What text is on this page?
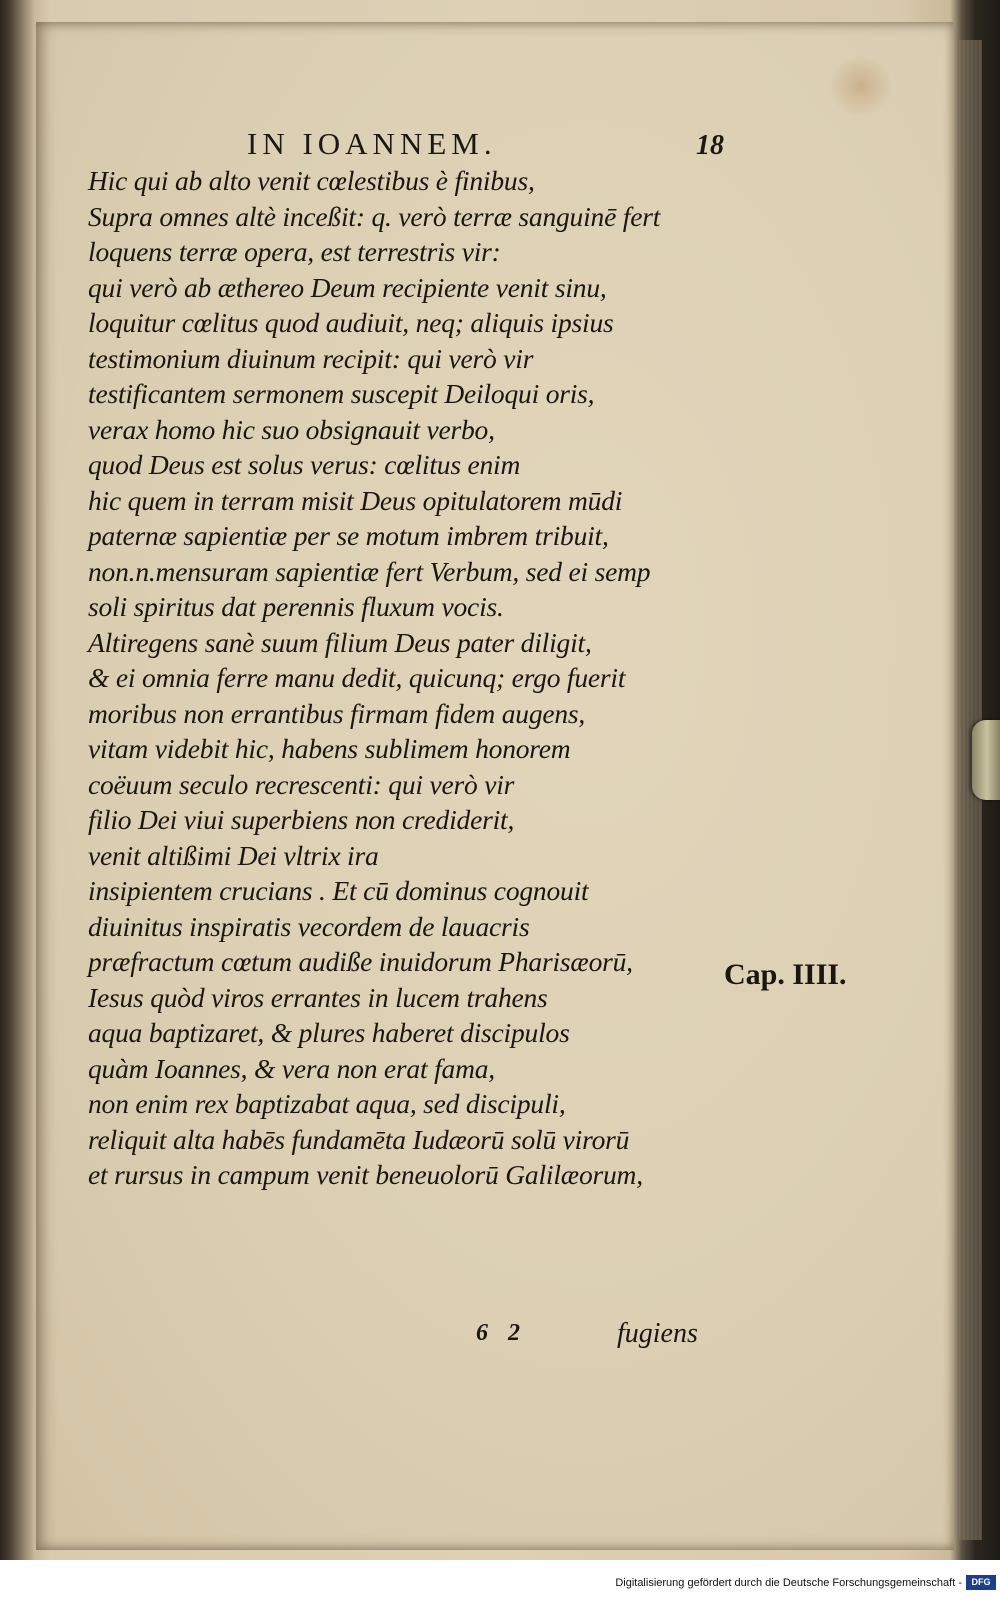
IN IOANNEM.	18
Hic qui ab alto venit cœlestibus è finibus,
Supra omnes altè inceßit: q. verò terræ sanguinē fert
loquens terræ opera, est terrestris vir:
qui verò ab æthereo Deum recipiente venit sinu,
loquitur cœlitus quod audiuit, neq; aliquis ipsius
testimonium diuinum recipit: qui verò vir
testificantem sermonem suscepit Deiloqui oris,
verax homo hic suo obsignauit verbo,
quod Deus est solus verus: cœlitus enim
hic quem in terram misit Deus opitulatorem mūdi
paternæ sapientiæ per se motum imbrem tribuit,
non.n.mensuram sapientiæ fert Verbum, sed ei semp
soli spiritus dat perennis fluxum vocis.
Altiregens sanè suum filium Deus pater diligit,
& ei omnia ferre manu dedit, quicunq; ergo fuerit
moribus non errantibus firmam fidem augens,
vitam videbit hic, habens sublimem honorem
coëuum seculo recrescenti: qui verò vir
filio Dei viui superbiens non crediderit,
venit altißimi Dei vltrix ira
insipientem crucians . Et cū dominus cognouit
diuinitus inspiratis vecordem de lauacris
præfractum cœtum audiße inuidorum Pharisæorū,
Iesus quòd viros errantes in lucem trahens
aqua baptizaret, & plures haberet discipulos
quàm Ioannes, & vera non erat fama,
non enim rex baptizabat aqua, sed discipuli,
reliquit alta habēs fundamēta Iudæorū solū virorū
et rursus in campum venit beneuolorū Galilæorum,
Cap. IIII.
6 2	fugiens
Digitalisierung gefördert durch die Deutsche Forschungsgemeinschaft -	DFG
